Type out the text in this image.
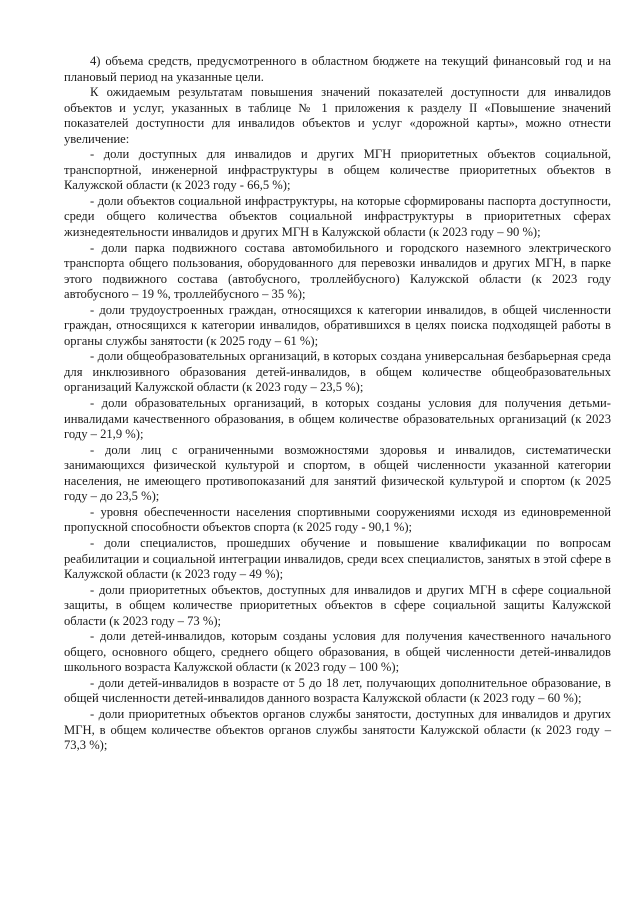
4) объема средств, предусмотренного в областном бюджете на текущий финансовый год и на плановый период на указанные цели.

К ожидаемым результатам повышения значений показателей доступности для инвалидов объектов и услуг, указанных в таблице № 1 приложения к разделу II «Повышение значений показателей доступности для инвалидов объектов и услуг «дорожной карты», можно отнести увеличение:

- доли доступных для инвалидов и других МГН приоритетных объектов социальной, транспортной, инженерной инфраструктуры в общем количестве приоритетных объектов в Калужской области (к 2023 году - 66,5 %);

- доли объектов социальной инфраструктуры, на которые сформированы паспорта доступности, среди общего количества объектов социальной инфраструктуры в приоритетных сферах жизнедеятельности инвалидов и других МГН в Калужской области (к 2023 году – 90 %);

- доли парка подвижного состава автомобильного и городского наземного электрического транспорта общего пользования, оборудованного для перевозки инвалидов и других МГН, в парке этого подвижного состава (автобусного, троллейбусного) Калужской области (к 2023 году автобусного – 19 %, троллейбусного – 35 %);

- доли трудоустроенных граждан, относящихся к категории инвалидов, в общей численности граждан, относящихся к категории инвалидов, обратившихся в целях поиска подходящей работы в органы службы занятости (к 2025 году – 61 %);

- доли общеобразовательных организаций, в которых создана универсальная безбарьерная среда для инклюзивного образования детей-инвалидов, в общем количестве общеобразовательных организаций Калужской области (к 2023 году – 23,5 %);

- доли образовательных организаций, в которых созданы условия для получения детьми-инвалидами качественного образования, в общем количестве образовательных организаций (к 2023 году – 21,9 %);

- доли лиц с ограниченными возможностями здоровья и инвалидов, систематически занимающихся физической культурой и спортом, в общей численности указанной категории населения, не имеющего противопоказаний для занятий физической культурой и спортом (к 2025 году – до 23,5 %);

- уровня обеспеченности населения спортивными сооружениями исходя из единовременной пропускной способности объектов спорта (к 2025 году - 90,1 %);

- доли специалистов, прошедших обучение и повышение квалификации по вопросам реабилитации и социальной интеграции инвалидов, среди всех специалистов, занятых в этой сфере в Калужской области (к 2023 году – 49 %);

- доли приоритетных объектов, доступных для инвалидов и других МГН в сфере социальной защиты, в общем количестве приоритетных объектов в сфере социальной защиты Калужской области (к 2023 году – 73 %);

- доли детей-инвалидов, которым созданы условия для получения качественного начального общего, основного общего, среднего общего образования, в общей численности детей-инвалидов школьного возраста Калужской области (к 2023 году – 100 %);

- доли детей-инвалидов в возрасте от 5 до 18 лет, получающих дополнительное образование, в общей численности детей-инвалидов данного возраста Калужской области (к 2023 году – 60 %);

- доли приоритетных объектов органов службы занятости, доступных для инвалидов и других МГН, в общем количестве объектов органов службы занятости Калужской области (к 2023 году – 73,3 %);
